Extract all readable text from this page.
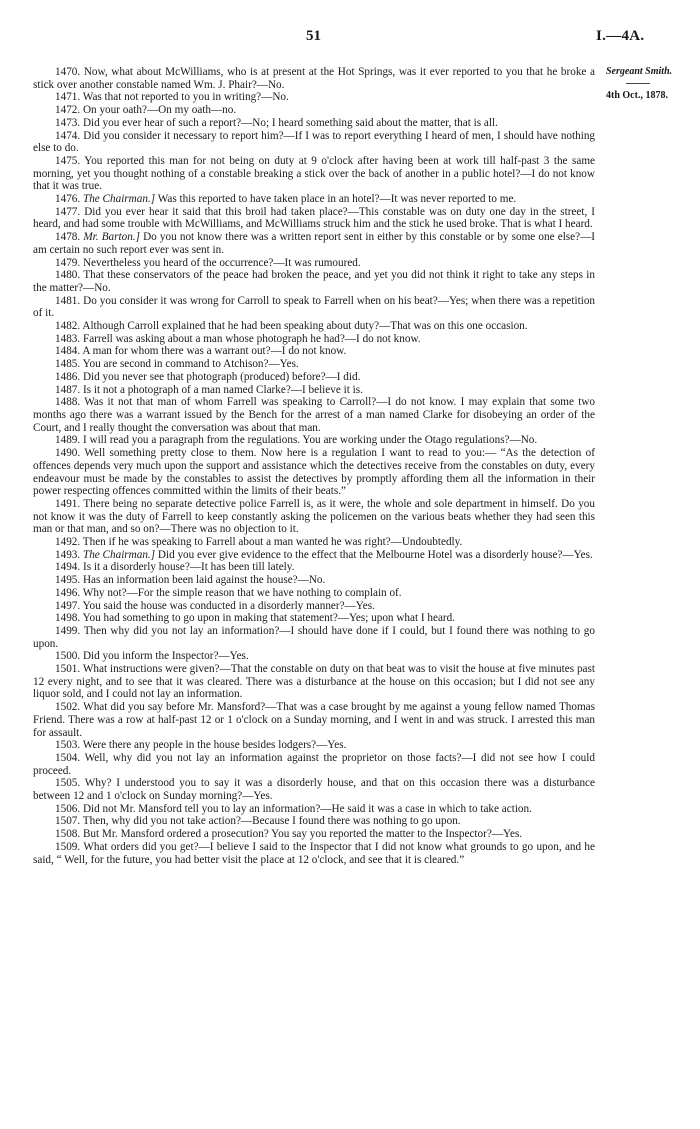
51	I.—4A.
Sergeant Smith.
4th Oct., 1878.

1470. Now, what about McWilliams, who is at present at the Hot Springs, was it ever reported to you that he broke a stick over another constable named Wm. J. Phair?—No.

1471. Was that not reported to you in writing?—No.

1472. On your oath?—On my oath—no.

1473. Did you ever hear of such a report?—No; I heard something said about the matter, that is all.

1474. Did you consider it necessary to report him?—If I was to report everything I heard of men, I should have nothing else to do.

1475. You reported this man for not being on duty at 9 o'clock after having been at work till half-past 3 the same morning, yet you thought nothing of a constable breaking a stick over the back of another in a public hotel?—I do not know that it was true.

1476. The Chairman.] Was this reported to have taken place in an hotel?—It was never reported to me.

1477. Did you ever hear it said that this broil had taken place?—This constable was on duty one day in the street, I heard, and had some trouble with McWilliams, and McWilliams struck him and the stick he used broke. That is what I heard.

1478. Mr. Barton.] Do you not know there was a written report sent in either by this constable or by some one else?—I am certain no such report ever was sent in.

1479. Nevertheless you heard of the occurrence?—It was rumoured.

1480. That these conservators of the peace had broken the peace, and yet you did not think it right to take any steps in the matter?—No.

1481. Do you consider it was wrong for Carroll to speak to Farrell when on his beat?—Yes; when there was a repetition of it.

1482. Although Carroll explained that he had been speaking about duty?—That was on this one occasion.

1483. Farrell was asking about a man whose photograph he had?—I do not know.

1484. A man for whom there was a warrant out?—I do not know.

1485. You are second in command to Atchison?—Yes.

1486. Did you never see that photograph (produced) before?—I did.

1487. Is it not a photograph of a man named Clarke?—I believe it is.

1488. Was it not that man of whom Farrell was speaking to Carroll?—I do not know. I may explain that some two months ago there was a warrant issued by the Bench for the arrest of a man named Clarke for disobeying an order of the Court, and I really thought the conversation was about that man.

1489. I will read you a paragraph from the regulations. You are working under the Otago regulations?—No.

1490. Well something pretty close to them. Now here is a regulation I want to read to you:— “As the detection of offences depends very much upon the support and assistance which the detectives receive from the constables on duty, every endeavour must be made by the constables to assist the detectives by promptly affording them all the information in their power respecting offences committed within the limits of their beats.”

1491. There being no separate detective police Farrell is, as it were, the whole and sole department in himself. Do you not know it was the duty of Farrell to keep constantly asking the policemen on the various beats whether they had seen this man or that man, and so on?—There was no objection to it.

1492. Then if he was speaking to Farrell about a man wanted he was right?—Undoubtedly.

1493. The Chairman.] Did you ever give evidence to the effect that the Melbourne Hotel was a disorderly house?—Yes.

1494. Is it a disorderly house?—It has been till lately.

1495. Has an information been laid against the house?—No.

1496. Why not?—For the simple reason that we have nothing to complain of.

1497. You said the house was conducted in a disorderly manner?—Yes.

1498. You had something to go upon in making that statement?—Yes; upon what I heard.

1499. Then why did you not lay an information?—I should have done if I could, but I found there was nothing to go upon.

1500. Did you inform the Inspector?—Yes.

1501. What instructions were given?—That the constable on duty on that beat was to visit the house at five minutes past 12 every night, and to see that it was cleared. There was a disturbance at the house on this occasion; but I did not see any liquor sold, and I could not lay an information.

1502. What did you say before Mr. Mansford?—That was a case brought by me against a young fellow named Thomas Friend. There was a row at half-past 12 or 1 o'clock on a Sunday morning, and I went in and was struck. I arrested this man for assault.

1503. Were there any people in the house besides lodgers?—Yes.

1504. Well, why did you not lay an information against the proprietor on those facts?—I did not see how I could proceed.

1505. Why? I understood you to say it was a disorderly house, and that on this occasion there was a disturbance between 12 and 1 o'clock on Sunday morning?—Yes.

1506. Did not Mr. Mansford tell you to lay an information?—He said it was a case in which to take action.

1507. Then, why did you not take action?—Because I found there was nothing to go upon.

1508. But Mr. Mansford ordered a prosecution? You say you reported the matter to the Inspector?—Yes.

1509. What orders did you get?—I believe I said to the Inspector that I did not know what grounds to go upon, and he said, “ Well, for the future, you had better visit the place at 12 o'clock, and see that it is cleared.”
